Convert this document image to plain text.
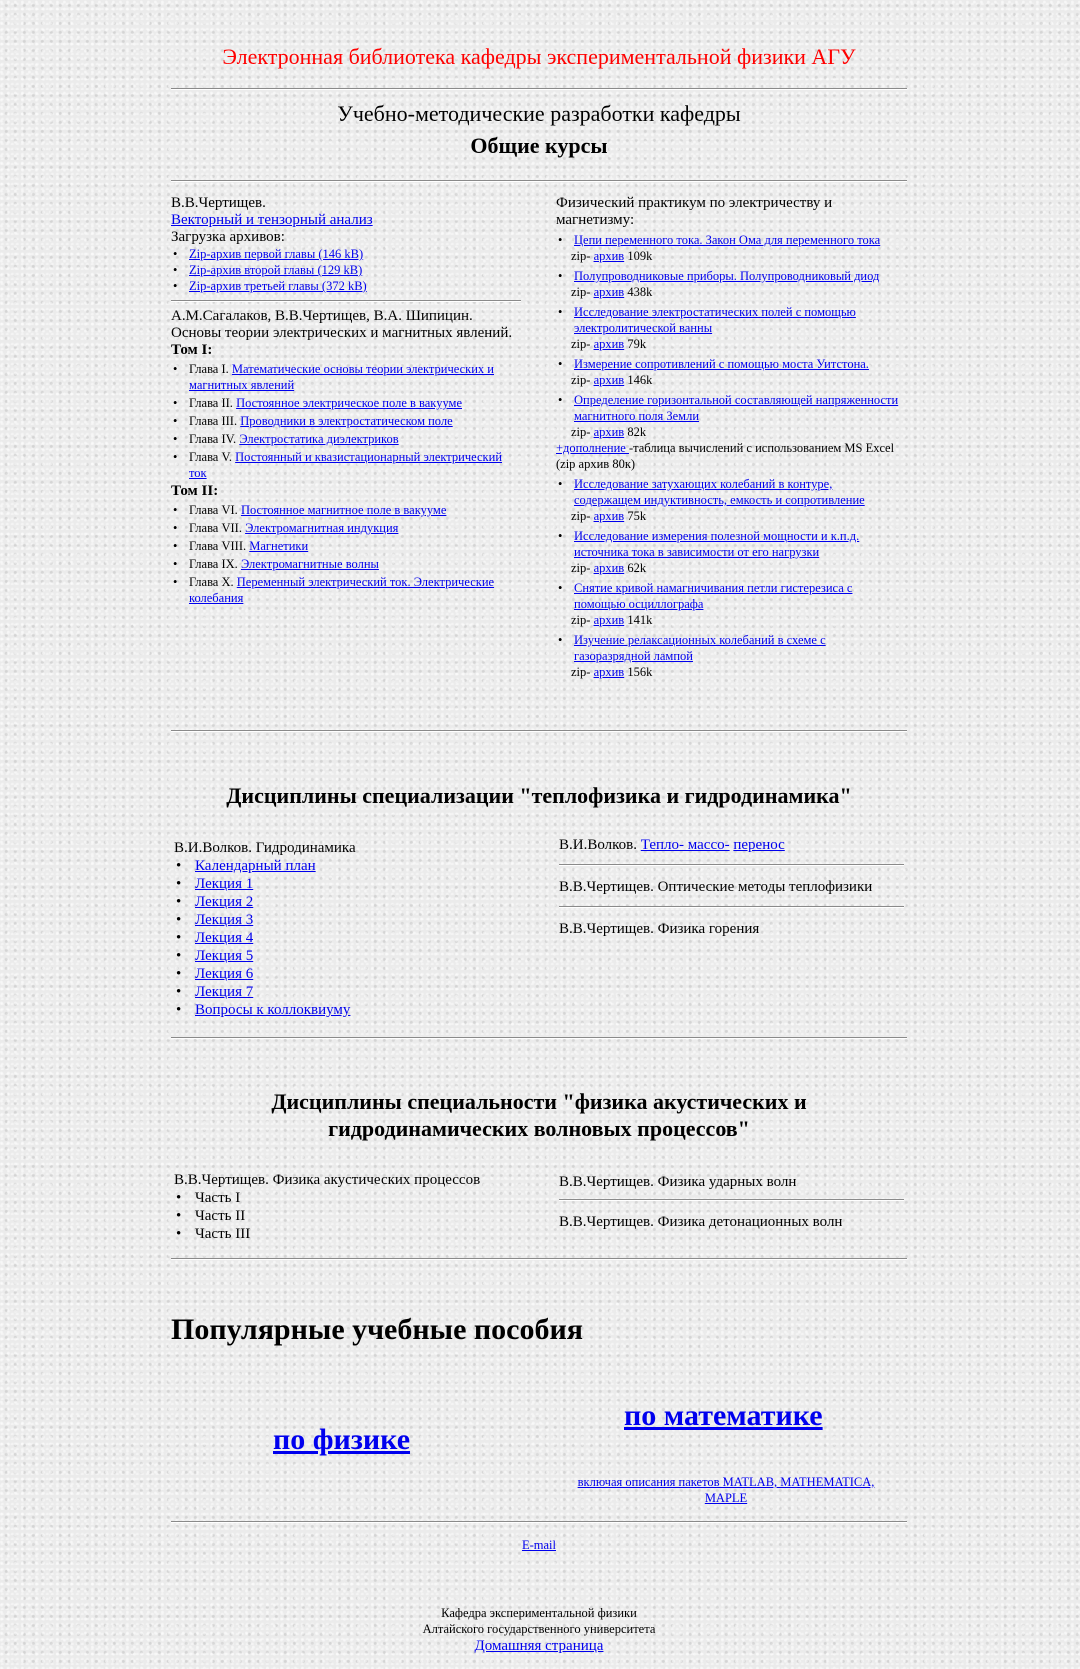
Электронная библиотека кафедры экспериментальной физики АГУ
Учебно-методические разработки кафедры
Общие курсы
В.В.Чертищев.
Векторный и тензорный анализ
Загрузка архивов:
• Zip-архив первой главы (146 kB)
• Zip-архив второй главы (129 kB)
• Zip-архив третьей главы (372 kB)
А.М.Сагалаков, В.В.Чертищев, В.А. Шипицин.
Основы теории электрических и магнитных явлений.
Том I:
• Глава I. Математические основы теории электрических и магнитных явлений
• Глава II. Постоянное электрическое поле в вакууме
• Глава III. Проводники в электростатическом поле
• Глава IV. Электростатика диэлектриков
• Глава V. Постоянный и квазистационарный электрический ток
Том II:
• Глава VI. Постоянное магнитное поле в вакууме
• Глава VII. Электромагнитная индукция
• Глава VIII. Магнетики
• Глава IX. Электромагнитные волны
• Глава X. Переменный электрический ток. Электрические колебания
Физический практикум по электричеству и магнетизму:
• Цепи переменного тока. Закон Ома для переменного тока
zip- архив 109k
• Полупроводниковые приборы. Полупроводниковый диод
zip- архив 438k
• Исследование электростатических полей с помощью электролитической ванны
zip- архив 79k
• Измерение сопротивлений с помощью моста Уитстона.
zip- архив 146k
• Определение горизонтальной составляющей напряженности магнитного поля Земли
zip- архив 82k
+дополнение -таблица вычислений с использованием MS Excel (zip архив 80к)
• Исследование затухающих колебаний в контуре, содержащем индуктивность, емкость и сопротивление
zip- архив 75k
• Исследование измерения полезной мощности и к.п.д. источника тока в зависимости от его нагрузки
zip- архив 62k
• Снятие кривой намагничивания петли гистерезиса с помощью осциллографа
zip- архив 141k
• Изучение релаксационных колебаний в схеме с газоразрядной лампой
zip- архив 156k
Дисциплины специализации "теплофизика и гидродинамика"
В.И.Волков. Гидродинамика
• Календарный план
• Лекция 1
• Лекция 2
• Лекция 3
• Лекция 4
• Лекция 5
• Лекция 6
• Лекция 7
• Вопросы к коллоквиуму
В.И.Волков. Тепло- массо- перенос
В.В.Чертищев. Оптические методы теплофизики
В.В.Чертищев. Физика горения
Дисциплины специальности "физика акустических и
гидродинамических волновых процессов"
В.В.Чертищев. Физика акустических процессов
• Часть I
• Часть II
• Часть III
В.В.Чертищев. Физика ударных волн
В.В.Чертищев. Физика детонационных волн
Популярные учебные пособия
по физике
по математике
включая описания пакетов MATLAB, MATHEMATICA, MAPLE
E-mail
Кафедра экспериментальной физики
Алтайского государственного университета
Домашняя страница
